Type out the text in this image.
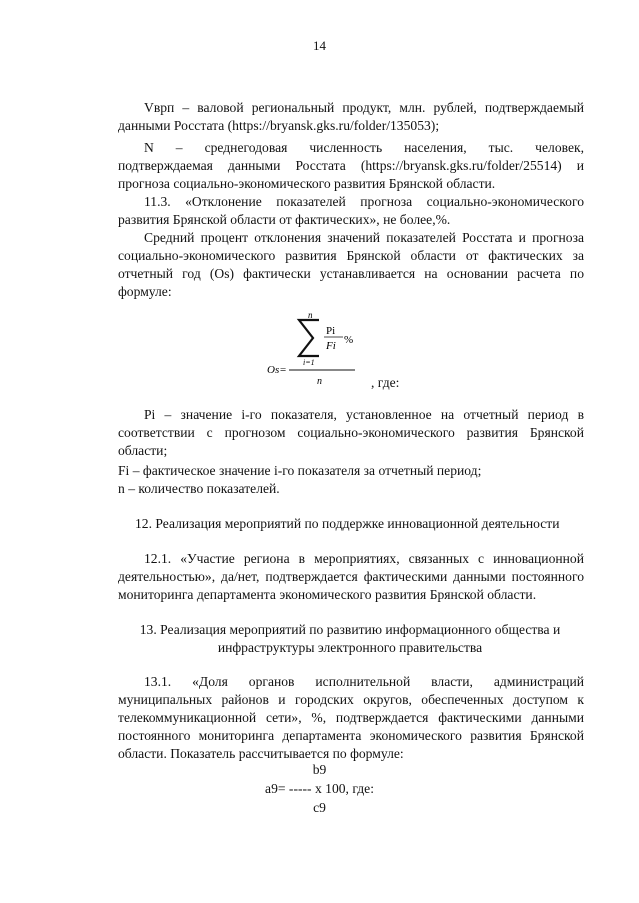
14
Vврп – валовой региональный продукт, млн. рублей, подтверждаемый данными Росстата (https://bryansk.gks.ru/folder/135053);
N – среднегодовая численность населения, тыс. человек,
подтверждаемая данными Росстата (https://bryansk.gks.ru/folder/25514) и прогноза социально-экономического развития Брянской области.
11.3. «Отклонение показателей прогноза социально-экономического развития Брянской области от фактических», не более,%.
Средний процент отклонения значений показателей Росстата и прогноза социально-экономического развития Брянской области от фактических за отчетный год (Os) фактически устанавливается на основании расчета по формуле:
n
i=1
Pi
Fi %
Os=
n	, где:
Pi – значение i-го показателя, установленное на отчетный период в соответствии с прогнозом социально-экономического развития Брянской области;
Fi – фактическое значение i-го показателя за отчетный период;
n – количество показателей.
12. Реализация мероприятий по поддержке инновационной деятельности
12.1. «Участие региона в мероприятиях, связанных с инновационной деятельностью», да/нет, подтверждается фактическими данными постоянного мониторинга департамента экономического развития Брянской области.
13. Реализация мероприятий по развитию информационного общества и
инфраструктуры электронного правительства
13.1. «Доля органов исполнительной власти, администраций муниципальных районов и городских округов, обеспеченных доступом к телекоммуникационной сети», %, подтверждается фактическими данными постоянного мониторинга департамента экономического развития Брянской области. Показатель рассчитывается по формуле:
b9
a9= ----- х 100, где:
c9
